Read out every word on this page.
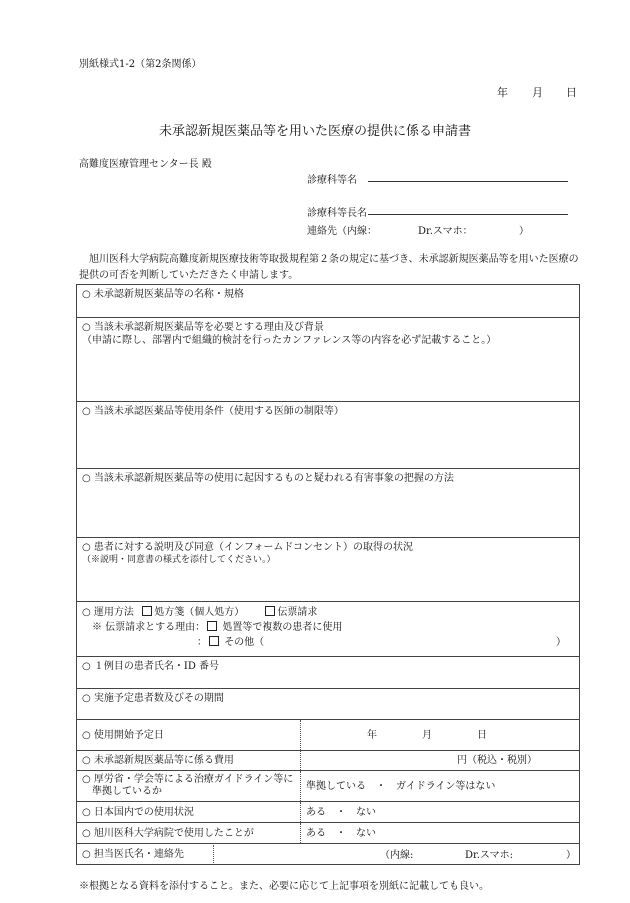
別紙様式1-2（第2条関係）
年 月 日
未承認新規医薬品等を用いた医療の提供に係る申請書
高難度医療管理センター長 殿
診療科等名
診療科等長名
連絡先（内線：	Dr.スマホ：	）

旭川医科大学病院高難度新規医療技術等取扱規程第２条の規定に基づき、未承認新規医薬品等を用いた医療の

提供の可否を判断していただきたく申請します。
○ 未承認新規医薬品等の名称・規格	

○ 当該未承認新規医薬品等を必要とする理由及び背景
（申請に際し、部署内で組織的検討を行ったカンファレンス等の内容を必ず記載すること。）	

○ 当該未承認医薬品等使用条件（使用する医師の制限等）	
○ 当該未承認新規医薬品等の使用に起因するものと疑われる有害事象の把握の方法	

○ 患者に対する説明及び同意（インフォームドコンセント）の取得の状況
（※説明・同意書の様式を添付してください。）	

○ 運用方法 処方箋（個人処方） 伝票請求
※ 伝票請求とする理由： 処置等で複数の患者に使用
： その他（ ）	

○ １例目の患者氏名・ID 番号	
○ 実施予定患者数及びその期間	
○ 使用開始予定日	年 月 日

○ 未承認新規医薬品等に係る費用	円（税込・税別）

○ 厚労省・学会等による治療ガイドライン等に
準拠しているか	準拠している　・　ガイドライン等はない
○ 日本国内での使用状況	ある　・　ない
○ 旭川医科大学病院で使用したことが	ある　・　ない
○ 担当医氏名・連絡先 （内線: Dr.スマホ: ）	
※根拠となる資料を添付すること。また、必要に応じて上記事項を別紙に記載しても良い。
